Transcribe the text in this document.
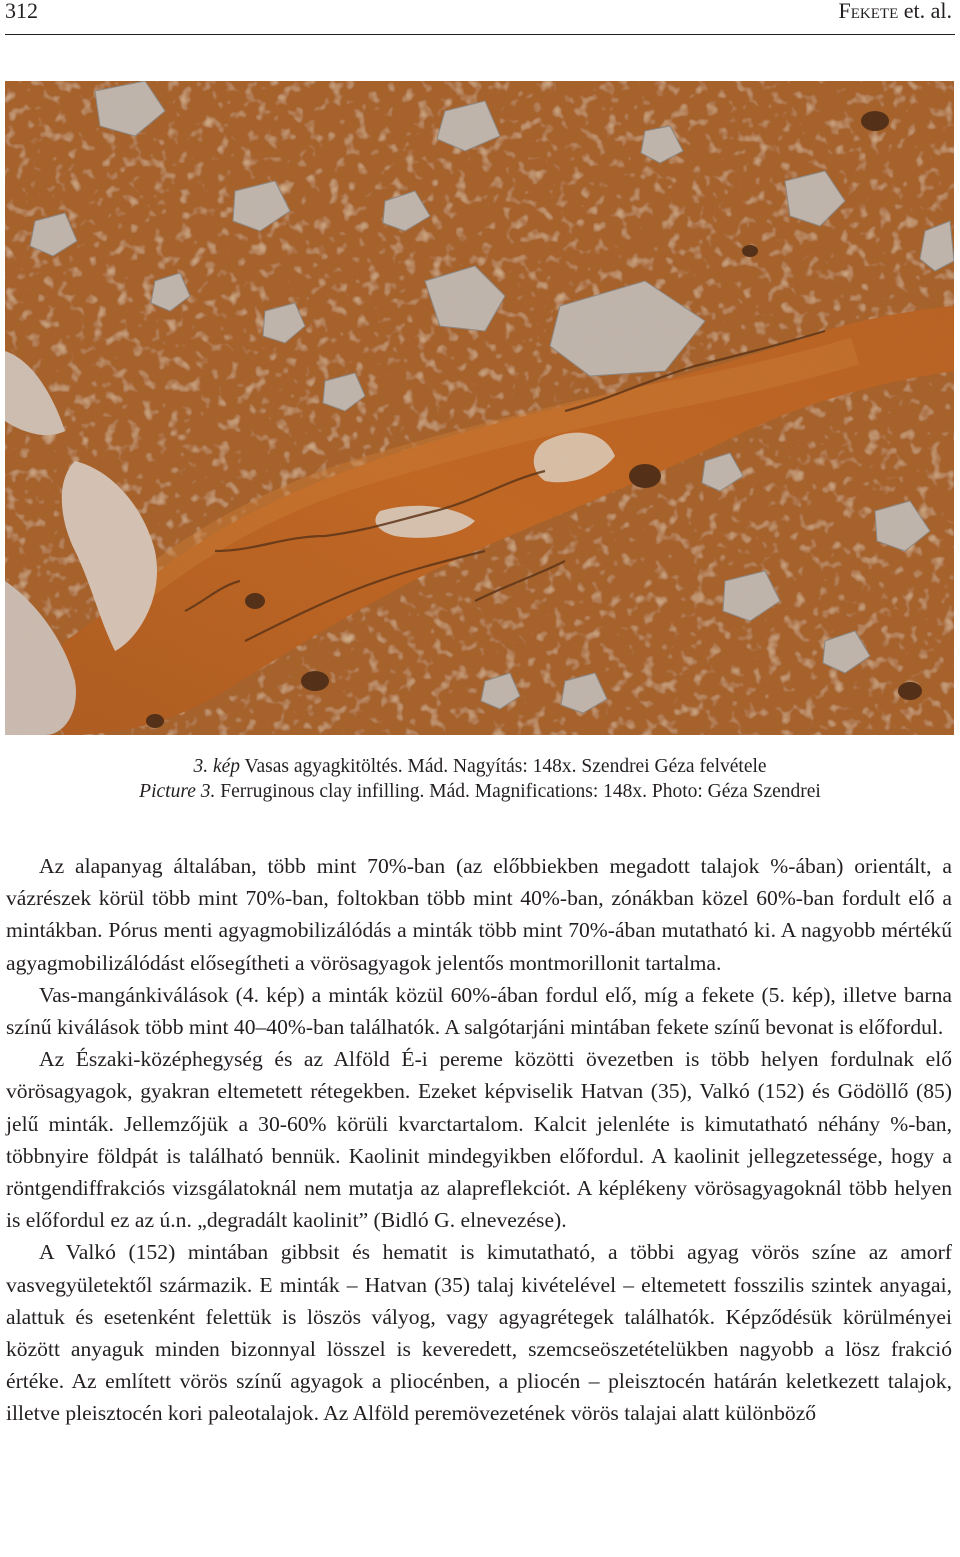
312	Fekete et. al.
3. kép Vasas agyagkitöltés. Mád. Nagyítás: 148x. Szendrei Géza felvétele
Picture 3. Ferruginous clay infilling. Mád. Magnifications: 148x. Photo: Géza Szendrei

Az alapanyag általában, több mint 70%-ban (az előbbiekben megadott talajok %-ában) orientált, a vázrészek körül több mint 70%-ban, foltokban több mint 40%-ban, zónákban közel 60%-ban fordult elő a mintákban. Pórus menti agyagmobilizálódás a minták több mint 70%-ában mutatható ki. A nagyobb mértékű agyagmobilizálódást elősegítheti a vörösagyagok jelentős montmorillonit tartalma.

Vas-mangánkiválások (4. kép) a minták közül 60%-ában fordul elő, míg a fekete (5. kép), illetve barna színű kiválások több mint 40–40%-ban találhatók. A salgótarjáni mintában fekete színű bevonat is előfordul.

Az Északi-középhegység és az Alföld É-i pereme közötti övezetben is több helyen fordulnak elő vörösagyagok, gyakran eltemetett rétegekben. Ezeket képviselik Hatvan (35), Valkó (152) és Gödöllő (85) jelű minták. Jellemzőjük a 30-60% körüli kvarctartalom. Kalcit jelenléte is kimutatható néhány %-ban, többnyire földpát is található bennük. Kaolinit mindegyikben előfordul. A kaolinit jellegzetessége, hogy a röntgendiffrakciós vizsgálatoknál nem mutatja az alapreflekciót. A képlékeny vörösagyagoknál több helyen is előfordul ez az ú.n. „degradált kaolinit” (Bidló G. elnevezése).

A Valkó (152) mintában gibbsit és hematit is kimutatható, a többi agyag vörös színe az amorf vasvegyületektől származik. E minták – Hatvan (35) talaj kivételével – eltemetett fosszilis szintek anyagai, alattuk és esetenként felettük is löszös vályog, vagy agyagrétegek találhatók. Képződésük körülményei között anyaguk minden bizonnyal lösszel is keveredett, szemcseöszetételükben nagyobb a lösz frakció értéke. Az említett vörös színű agyagok a pliocénben, a pliocén – pleisztocén határán keletkezett talajok, illetve pleisztocén kori paleotalajok. Az Alföld peremövezetének vörös talajai alatt különböző
